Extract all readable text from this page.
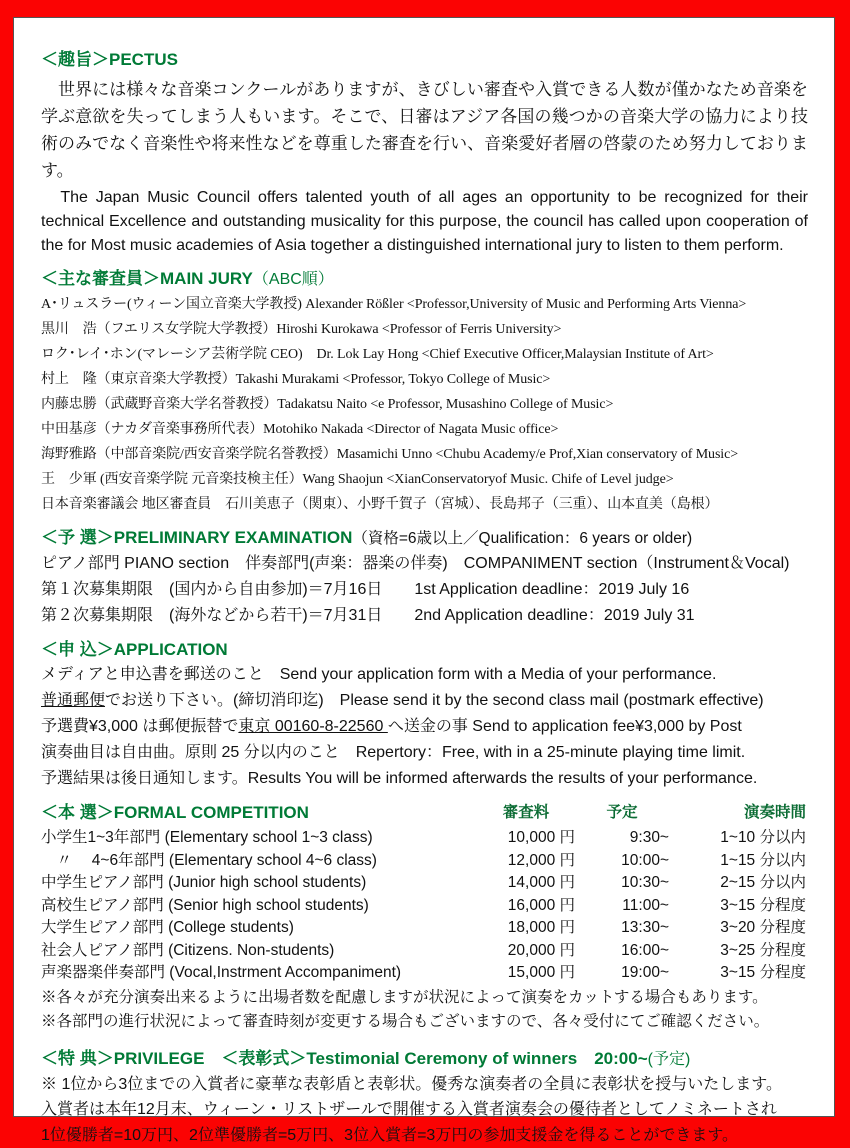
＜趣旨＞PECTUS

　世界には様々な音楽コンクールがありますが、きびしい審査や入賞できる人数が僅かなため音楽を学ぶ意欲を失ってしまう人もいます。そこで、日審はアジア各国の幾つかの音楽大学の協力により技術のみでなく音楽性や将来性などを尊重した審査を行い、音楽愛好者層の啓蒙のため努力しております。

　The Japan Music Council offers talented youth of all ages an opportunity to be recognized for their technical Excellence and outstanding musicality for this purpose, the council has called upon cooperation of the for Most music academies of Asia together a distinguished international jury to listen to them perform.

＜主な審査員＞MAIN JURY（ABC順）

A･リュスラー(ウィーン国立音楽大学教授) Alexander Rößler <Professor,University of Music and Performing Arts Vienna>

黒川　浩（フエリス女学院大学教授）Hiroshi Kurokawa <Professor of Ferris University>

ロク･レイ･ホン(マレーシア芸術学院 CEO)　Dr. Lok Lay Hong <Chief Executive Officer,Malaysian Institute of Art>

村上　隆（東京音楽大学教授）Takashi Murakami <Professor, Tokyo College of Music>

内藤忠勝（武蔵野音楽大学名誉教授）Tadakatsu Naito <e Professor, Musashino College of Music>

中田基彦（ナカダ音楽事務所代表）Motohiko Nakada <Director of Nagata Music office>

海野雅路（中部音楽院/西安音楽学院名誉教授）Masamichi Unno <Chubu Academy/e Prof,Xian conservatory of Music>

王　少軍 (西安音楽学院 元音楽技検主任）Wang Shaojun <XianConservatoryof Music. Chife of Level judge>

日本音楽審議会 地区審査員　石川美恵子（関東）、小野千賀子（宮城）、長島邦子（三重）、山本直美（島根）

＜予 選＞PRELIMINARY EXAMINATION（資格=6歳以上／Qualification：6 years or older)

ピアノ部門 PIANO section　伴奏部門(声楽：器楽の伴奏)　COMPANIMENT section（Instrument＆Vocal)

第１次募集期限　(国内から自由参加)＝7月16日　　1st Application deadline：2019 July 16

第２次募集期限　(海外などから若干)＝7月31日　　2nd Application deadline：2019 July 31

＜申 込＞APPLICATION

メディアと申込書を郵送のこと　Send your application form with a Media of your performance.

普通郵便でお送り下さい。(締切消印迄)　Please send it by the second class mail (postmark effective)

予選費¥3,000 は郵便振替で東京 00160-8-22560 へ送金の事 Send to application fee¥3,000 by Post

演奏曲目は自由曲。原則 25 分以内のこと　Repertory：Free, with in a 25-minute playing time limit.

予選結果は後日通知します。Results You will be informed afterwards the results of your performance.

＜本 選＞FORMAL COMPETITION	審査料	予定	演奏時間
小学生1~3年部門 (Elementary school 1~3 class)	10,000 円	9:30~	1~10 分以内
　〃　 4~6年部門 (Elementary school 4~6 class)	12,000 円	10:00~	1~15 分以内
中学生ピアノ部門 (Junior high school students)	14,000 円	10:30~	2~15 分以内
高校生ピアノ部門 (Senior high school students)	16,000 円	11:00~	3~15 分程度
大学生ピアノ部門 (College students)	18,000 円	13:30~	3~20 分程度
社会人ピアノ部門 (Citizens. Non-students)	20,000 円	16:00~	3~25 分程度
声楽器楽伴奏部門 (Vocal,Instrment Accompaniment)	15,000 円	19:00~	3~15 分程度

※各々が充分演奏出来るように出場者数を配慮しますが状況によって演奏をカットする場合もあります。

※各部門の進行状況によって審査時刻が変更する場合もございますので、各々受付にてご確認ください。

＜特 典＞PRIVILEGE　＜表彰式＞Testimonial Ceremony of winners　20:00~(予定)

※ 1位から3位までの入賞者に豪華な表彰盾と表彰状。優秀な演奏者の全員に表彰状を授与いたします。

入賞者は本年12月末、ウィーン・リストザールで開催する入賞者演奏会の優待者としてノミネートされ

1位優勝者=10万円、2位準優勝者=5万円、3位入賞者=3万円の参加支援金を得ることができます。
